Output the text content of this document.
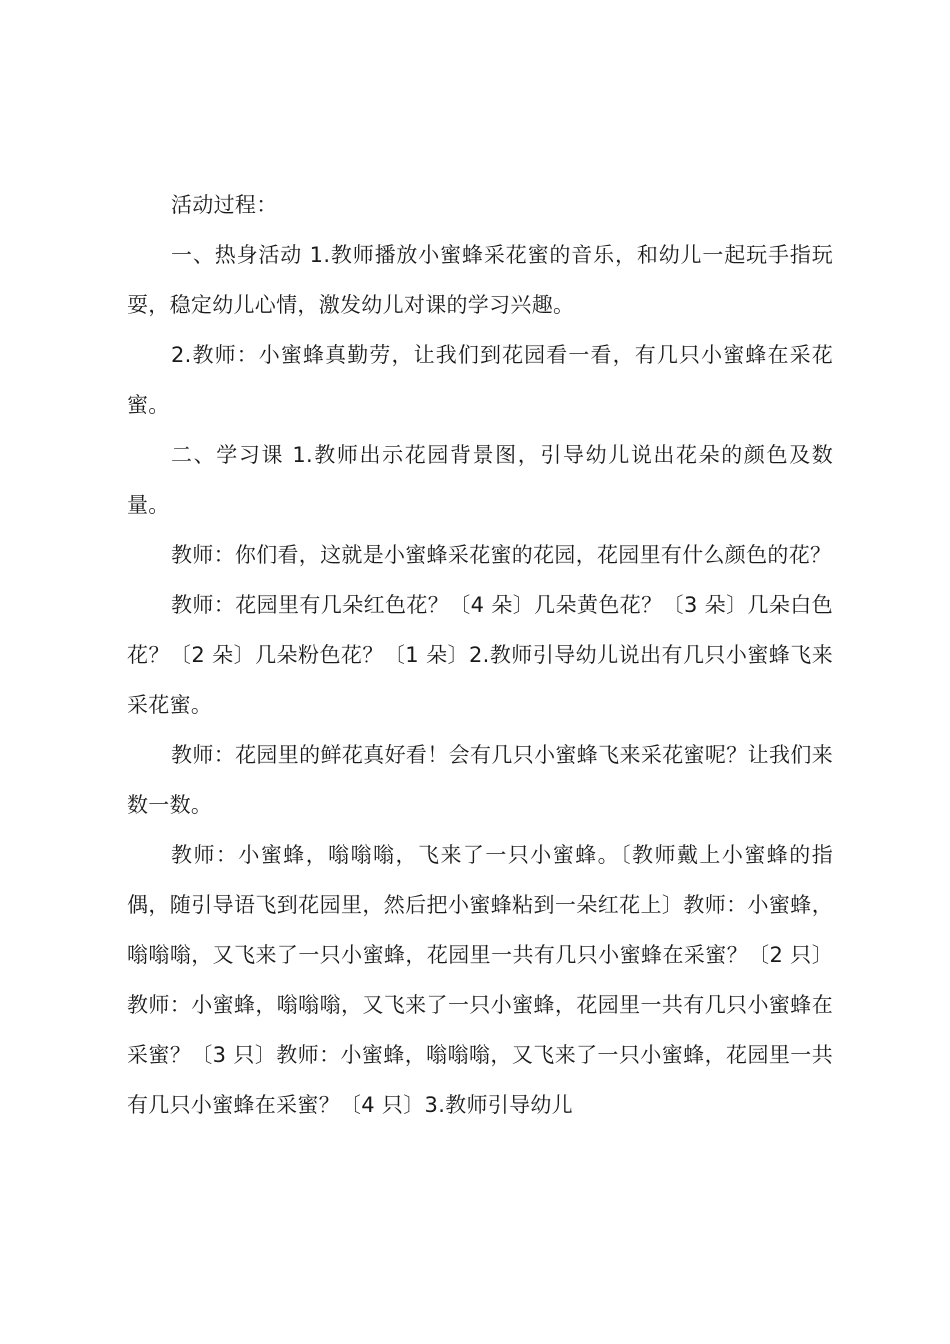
活动过程：

一、热身活动 1.教师播放小蜜蜂采花蜜的音乐，和幼儿一起玩手指玩耍，稳定幼儿心情，激发幼儿对课的学习兴趣。

2.教师：小蜜蜂真勤劳，让我们到花园看一看，有几只小蜜蜂在采花蜜。

二、学习课 1.教师出示花园背景图，引导幼儿说出花朵的颜色及数量。

教师：你们看，这就是小蜜蜂采花蜜的花园，花园里有什么颜色的花？

教师：花园里有几朵红色花？〔4 朵〕几朵黄色花？〔3 朵〕几朵白色花？〔2 朵〕几朵粉色花？〔1 朵〕2.教师引导幼儿说出有几只小蜜蜂飞来采花蜜。

教师：花园里的鲜花真好看！会有几只小蜜蜂飞来采花蜜呢？让我们来数一数。

教师：小蜜蜂，嗡嗡嗡，飞来了一只小蜜蜂。〔教师戴上小蜜蜂的指偶，随引导语飞到花园里，然后把小蜜蜂粘到一朵红花上〕教师：小蜜蜂，嗡嗡嗡，又飞来了一只小蜜蜂，花园里一共有几只小蜜蜂在采蜜？〔2 只〕教师：小蜜蜂，嗡嗡嗡，又飞来了一只小蜜蜂，花园里一共有几只小蜜蜂在采蜜？〔3 只〕教师：小蜜蜂，嗡嗡嗡，又飞来了一只小蜜蜂，花园里一共有几只小蜜蜂在采蜜？〔4 只〕3.教师引导幼儿
